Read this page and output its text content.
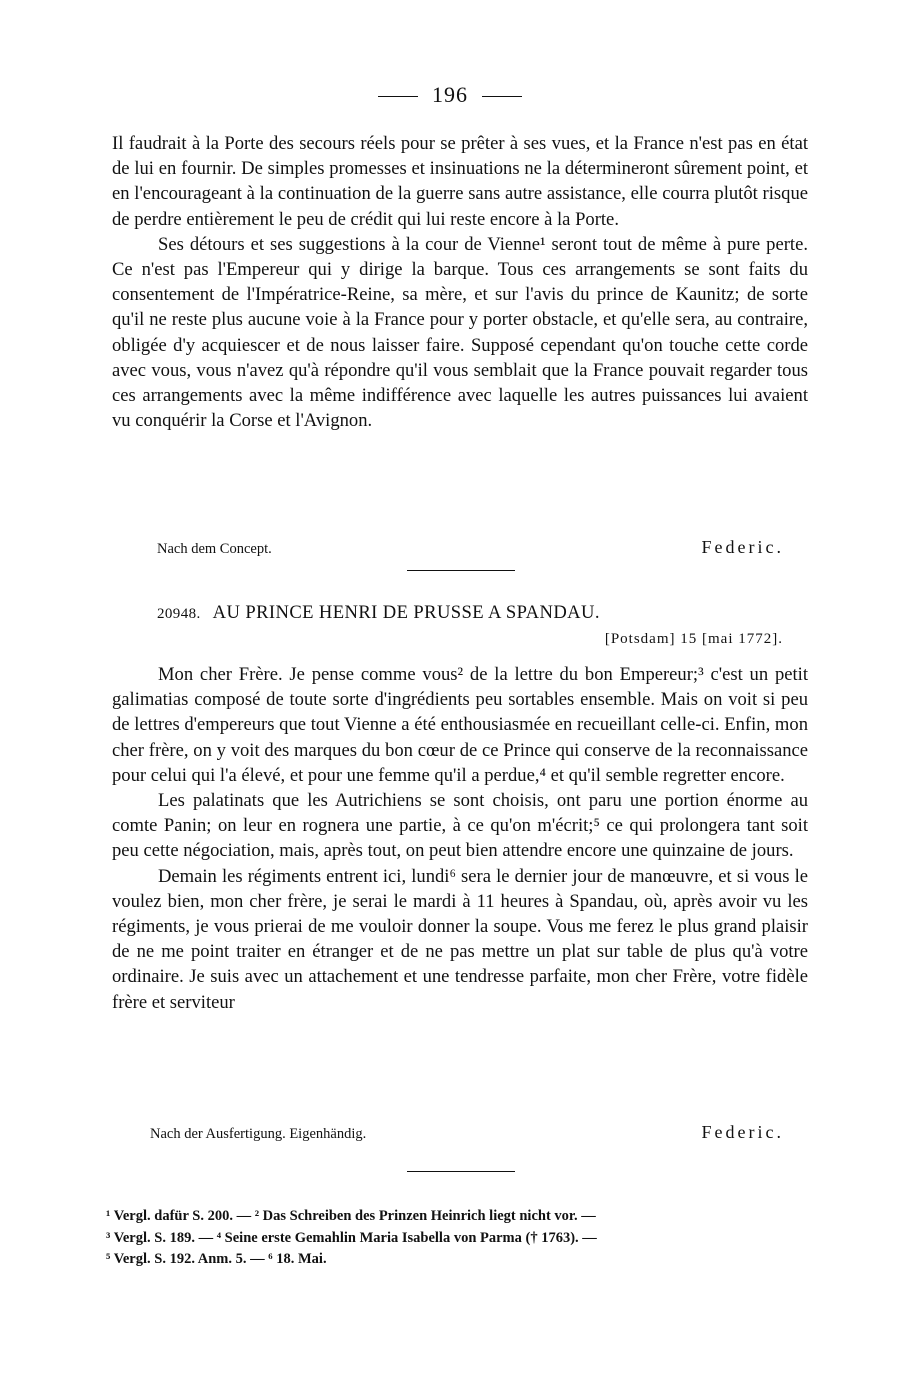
196

Il faudrait à la Porte des secours réels pour se prêter à ses vues, et la France n'est pas en état de lui en fournir. De simples promesses et insinuations ne la détermineront sûrement point, et en l'encourageant à la continuation de la guerre sans autre assistance, elle courra plutôt risque de perdre entièrement le peu de crédit qui lui reste encore à la Porte.

Ses détours et ses suggestions à la cour de Vienne¹ seront tout de même à pure perte. Ce n'est pas l'Empereur qui y dirige la barque. Tous ces arrangements se sont faits du consentement de l'Impératrice-Reine, sa mère, et sur l'avis du prince de Kaunitz; de sorte qu'il ne reste plus aucune voie à la France pour y porter obstacle, et qu'elle sera, au contraire, obligée d'y acquiescer et de nous laisser faire. Supposé cependant qu'on touche cette corde avec vous, vous n'avez qu'à répondre qu'il vous semblait que la France pouvait regarder tous ces arrangements avec la même indifférence avec laquelle les autres puissances lui avaient vu conquérir la Corse et l'Avignon.

Nach dem Concept.	Federic.
20948. AU PRINCE HENRI DE PRUSSE A SPANDAU.
[Potsdam] 15 [mai 1772].

Mon cher Frère. Je pense comme vous² de la lettre du bon Empereur;³ c'est un petit galimatias composé de toute sorte d'ingrédients peu sortables ensemble. Mais on voit si peu de lettres d'empereurs que tout Vienne a été enthousiasmée en recueillant celle-ci. Enfin, mon cher frère, on y voit des marques du bon cœur de ce Prince qui conserve de la reconnaissance pour celui qui l'a élevé, et pour une femme qu'il a perdue,⁴ et qu'il semble regretter encore.

Les palatinats que les Autrichiens se sont choisis, ont paru une portion énorme au comte Panin; on leur en rognera une partie, à ce qu'on m'écrit;⁵ ce qui prolongera tant soit peu cette négociation, mais, après tout, on peut bien attendre encore une quinzaine de jours.

Demain les régiments entrent ici, lundi⁶ sera le dernier jour de manœuvre, et si vous le voulez bien, mon cher frère, je serai le mardi à 11 heures à Spandau, où, après avoir vu les régiments, je vous prierai de me vouloir donner la soupe. Vous me ferez le plus grand plaisir de ne me point traiter en étranger et de ne pas mettre un plat sur table de plus qu'à votre ordinaire. Je suis avec un attachement et une tendresse parfaite, mon cher Frère, votre fidèle frère et serviteur

Nach der Ausfertigung. Eigenhändig.	Federic.

¹ Vergl. dafür S. 200. — ² Das Schreiben des Prinzen Heinrich liegt nicht vor. —

³ Vergl. S. 189. — ⁴ Seine erste Gemahlin Maria Isabella von Parma († 1763). —

⁵ Vergl. S. 192. Anm. 5. — ⁶ 18. Mai.
